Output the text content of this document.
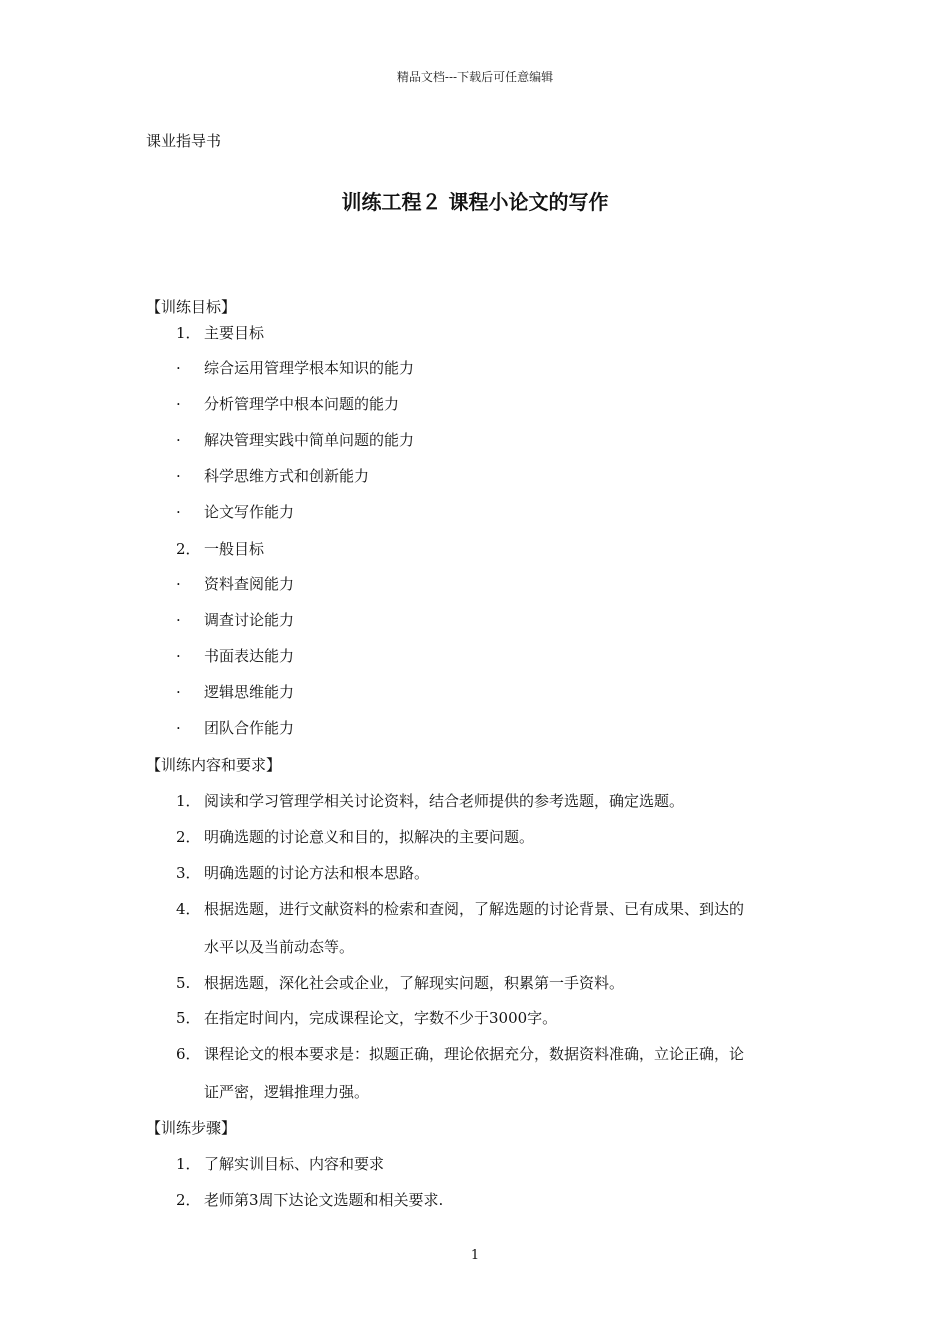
精品文档---下载后可任意编辑
课业指导书
训练工程２ 课程小论文的写作
【训练目标】
1． 主要目标
· 综合运用管理学根本知识的能力
· 分析管理学中根本问题的能力
· 解决管理实践中简单问题的能力
· 科学思维方式和创新能力
· 论文写作能力
2． 一般目标
· 资料查阅能力
· 调查讨论能力
· 书面表达能力
· 逻辑思维能力
· 团队合作能力
【训练内容和要求】
1． 阅读和学习管理学相关讨论资料，结合老师提供的参考选题，确定选题。
2． 明确选题的讨论意义和目的，拟解决的主要问题。
3． 明确选题的讨论方法和根本思路。
4． 根据选题，进行文献资料的检索和查阅，了解选题的讨论背景、已有成果、到达的
水平以及当前动态等。
5.根据选题，深化社会或企业，了解现实问题，积累第一手资料。
5． 在指定时间内，完成课程论文，字数不少于3000字。
6． 课程论文的根本要求是：拟题正确，理论依据充分，数据资料准确，立论正确，论
证严密，逻辑推理力强。
【训练步骤】
1． 了解实训目标、内容和要求
2． 老师第3周下达论文选题和相关要求.
1
